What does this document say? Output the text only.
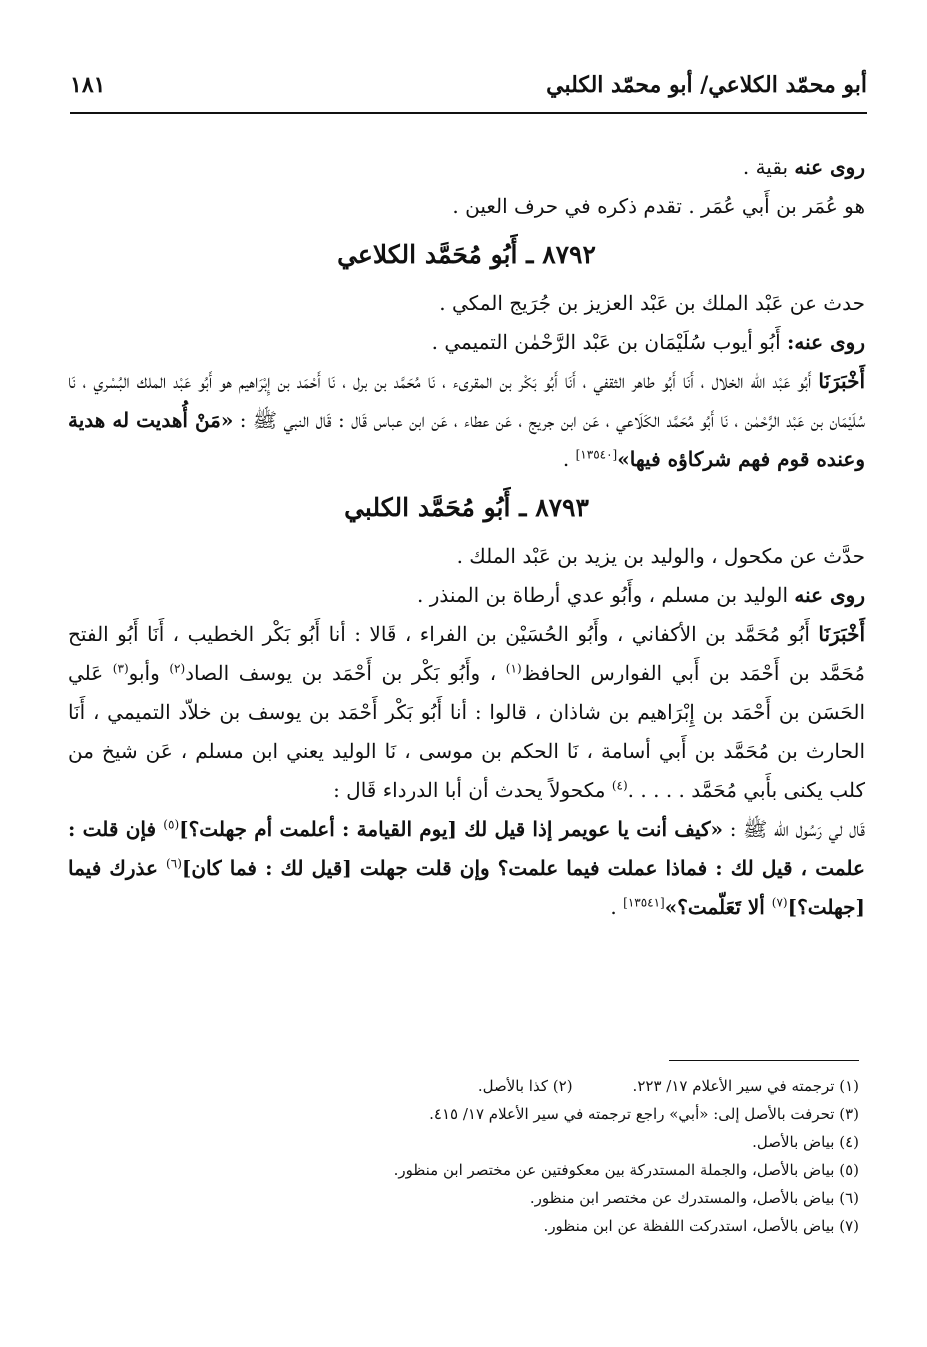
أبو محمّد الكلاعي/ أبو محمّد الكلبي
١٨١

روى عنه بقية .

هو عُمَر بن أَبي عُمَر . تقدم ذكره في حرف العين .

٨٧٩٢ ـ أَبُو مُحَمَّد الكلاعي

حدث عن عَبْد الملك بن عَبْد العزيز بن جُرَيج المكي .

روى عنه: أَبُو أيوب سُلَيْمَان بن عَبْد الرَّحْمٰن التميمي .

أَخْبَرَنَا أَبُو عَبْد اللّه الخلال ، أَنَا أَبُو طاهر الثقفي ، أَنَا أَبُو بَكْر بن المقرىء ، نَا مُحَمَّد بن برل ، نَا أَحْمَد بن إِبْرَاهيم هو أَبُو عَبْد الملك البُسْري ، نَا سُلَيْمَان بن عَبْد الرَّحْمٰن ، نَا أَبُو مُحَمَّد الكَلَاعي ، عَن ابن جريج ، عَن عطاء ، عَن ابن عباس قَال : قَال النبي ﷺ : «مَنْ أُهديت له هدية وعنده قوم فهم شركاؤه فيها»[١٣٥٤٠] .

٨٧٩٣ ـ أَبُو مُحَمَّد الكلبي

حدَّث عن مكحول ، والوليد بن يزيد بن عَبْد الملك .

روى عنه الوليد بن مسلم ، وأَبُو عدي أرطاة بن المنذر .

أَخْبَرَنَا أَبُو مُحَمَّد بن الأكفاني ، وأَبُو الحُسَيْن بن الفراء ، قَالا : أنا أَبُو بَكْر الخطيب ، أَنَا أَبُو الفتح مُحَمَّد بن أَحْمَد بن أَبي الفوارس الحافظ$^{(١)}$ ، وأَبُو بَكْر بن أَحْمَد بن يوسف الصاد$^{(٢)}$ وأبو$^{(٣)}$ عَلي الحَسَن بن أَحْمَد بن إِبْرَاهيم بن شاذان ، قالوا : أنا أَبُو بَكْر أَحْمَد بن يوسف بن خلاّد التميمي ، أَنَا الحارث بن مُحَمَّد بن أَبي أسامة ، نَا الحكم بن موسى ، نَا الوليد يعني ابن مسلم ، عَن شيخ من كلب يكنى بأَبي مُحَمَّد . . . . .$^{(٤)}$ مكحولاً يحدث أن أبا الدرداء قَال :

قَال لي رَسُول الله ﷺ : «كيف أنت يا عويمر إذا قيل لك [يوم القيامة : أعلمت أم جهلت؟]$^{(٥)}$ فإن قلت : علمت ، قيل لك : فماذا عملت فيما علمت؟ وإن قلت جهلت [قيل لك : فما كان]$^{(٦)}$ عذرك فيما [جهلت؟]$^{(٧)}$ ألا تَعَلّمت؟»[١٣٥٤١] .

(١) ترجمته في سير الأعلام ١٧/ ٢٢٣.(٢) كذا بالأصل.

(٣) تحرفت بالأصل إلى: «أبي» راجع ترجمته في سير الأعلام ١٧/ ٤١٥.

(٤) بياض بالأصل.

(٥) بياض بالأصل، والجملة المستدركة بين معكوفتين عن مختصر ابن منظور.

(٦) بياض بالأصل، والمستدرك عن مختصر ابن منظور.

(٧) بياض بالأصل، استدركت اللفظة عن ابن منظور.
